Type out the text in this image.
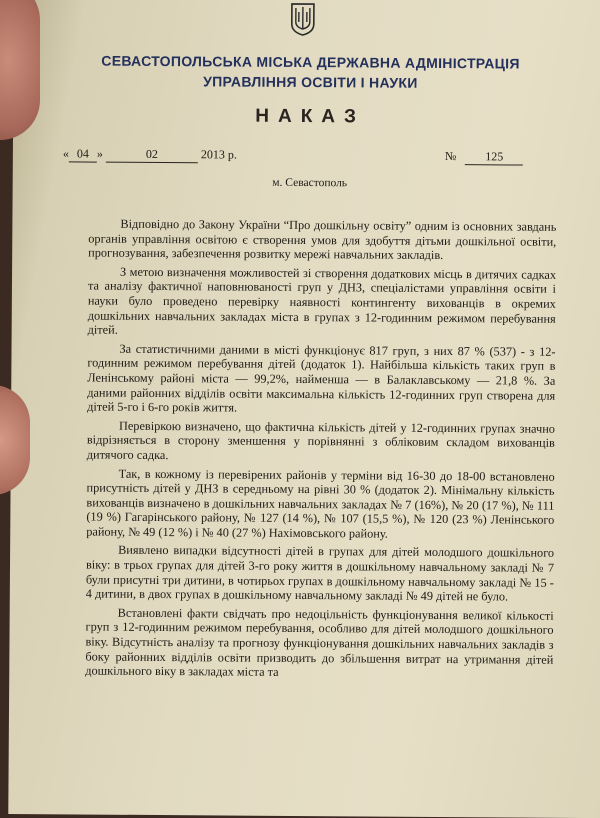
СЕВАСТОПОЛЬСЬКА МІСЬКА ДЕРЖАВНА АДМІНІСТРАЦІЯ
УПРАВЛІННЯ ОСВІТИ І НАУКИ
НАКАЗ
« 04 »	02	2013 р.	№ 125
м. Севастополь

Відповідно до Закону України “Про дошкільну освіту” одним із основних завдань органів управління освітою є створення умов для здобуття дітьми дошкільної освіти, прогнозування, забезпечення розвитку мережі навчальних закладів.

З метою визначення можливостей зі створення додаткових місць в дитячих садках та аналізу фактичної наповнюваності груп у ДНЗ, спеціалістами управління освіти і науки було проведено перевірку наявності контингенту вихованців в окремих дошкільних навчальних закладах міста в групах з 12-годинним режимом перебування дітей.

За статистичними даними в місті функціонує 817 груп, з них 87 % (537) - з 12-годинним режимом перебування дітей (додаток 1). Найбільша кількість таких груп в Ленінському районі міста — 99,2%, найменша — в Балаклавському — 21,8 %. За даними районних відділів освіти максимальна кількість 12-годинних груп створена для дітей 5-го і 6-го років життя.

Перевіркою визначено, що фактична кількість дітей у 12-годинних групах значно відрізняється в сторону зменшення у порівнянні з обліковим складом вихованців дитячого садка.

Так, в кожному із перевірених районів у терміни від 16-30 до 18-00 встановлено присутність дітей у ДНЗ в середньому на рівні 30 % (додаток 2). Мінімальну кількість вихованців визначено в дошкільних навчальних закладах № 7 (16%), № 20 (17 %), № 111 (19 %) Гагарінського району, № 127 (14 %), № 107 (15,5 %), № 120 (23 %) Ленінського району, № 49 (12 %) і № 40 (27 %) Нахімовського району.

Виявлено випадки відсутності дітей в групах для дітей молодшого дошкільного віку: в трьох групах для дітей 3-го року життя в дошкільному навчальному закладі № 7 були присутні три дитини, в чотирьох групах в дошкільному навчальному закладі № 15 - 4 дитини, в двох групах в дошкільному навчальному закладі № 49 дітей не було.

Встановлені факти свідчать про недоцільність функціонування великої кількості груп з 12-годинним режимом перебування, особливо для дітей молодшого дошкільного віку. Відсутність аналізу та прогнозу функціонування дошкільних навчальних закладів з боку районних відділів освіти призводить до збільшення витрат на утримання дітей дошкільного віку в закладах міста та
